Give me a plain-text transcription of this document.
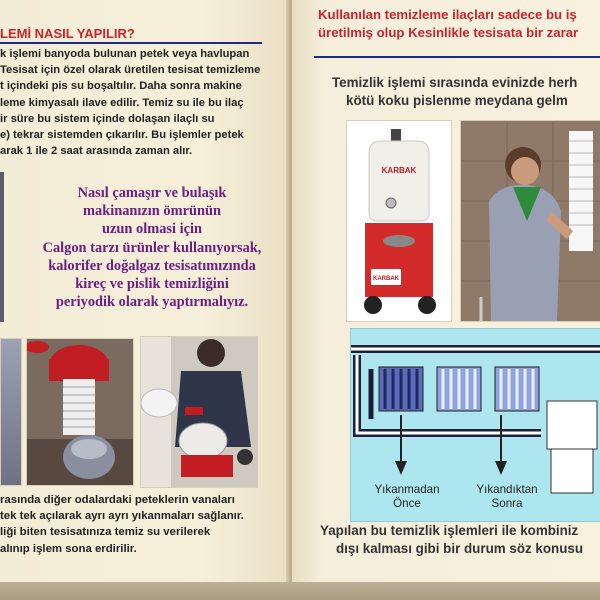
LEMİ NASIL YAPILIR?
k işlemi banyoda bulunan petek veya havlupan
Tesisat için özel olarak üretilen tesisat temizleme
t içindeki pis su boşaltılır. Daha sonra makine
leme kimyasalı ilave edilir. Temiz su ile bu ilaç
ir süre bu sistem içinde dolaşan ilaçlı su
e) tekrar sistemden çıkarılır. Bu işlemler petek
arak 1 ile 2 saat arasında zaman alır.
Nasıl çamaşır ve bulaşık
makinanızın ömrünün
uzun olmasi için
Calgon tarzı ürünler kullanıyorsak,
kalorifer doğalgaz tesisatımızında
kireç ve pislik temizliğini
periyodik olarak yaptırmalıyız.
rasında diğer odalardaki peteklerin vanaları
tek tek açılarak ayrı ayrı yıkanmaları sağlanır.
liği biten tesisatınıza temiz su verilerek
alınıp işlem sona erdirilir.
Kullanılan temizleme ilaçları sadece bu iş
üretilmiş olup Kesinlikle tesisata bir zarar
Temizlik işlemi sırasında evinizde herh
kötü koku pislenme meydana gelm
KARBAK
KARBAK
Yıkanmadan
Önce
Yıkandıktan
Sonra
Yapılan bu temizlik işlemleri ile kombiniz
dışı kalması gibi bir durum söz konusu
